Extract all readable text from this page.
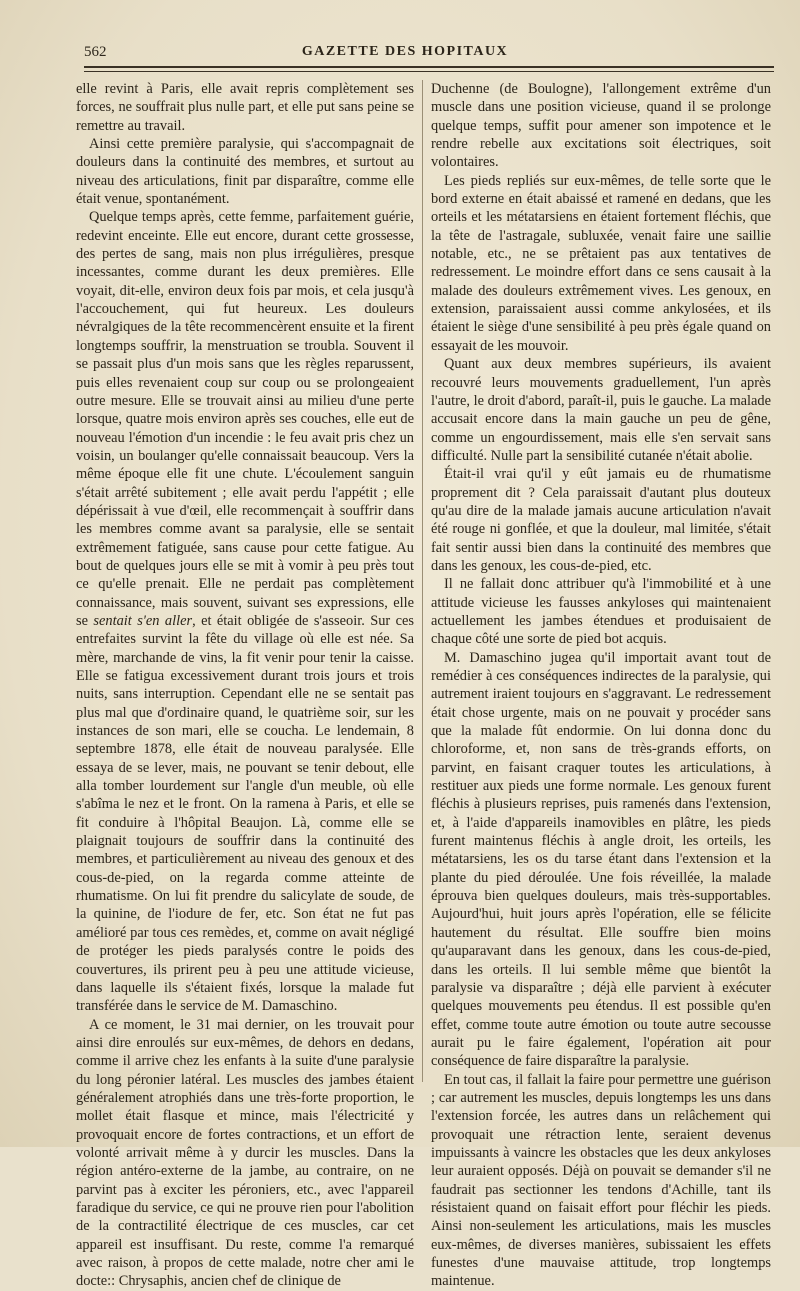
562	GAZETTE DES HOPITAUX

elle revint à Paris, elle avait repris complètement ses forces, ne souffrait plus nulle part, et elle put sans peine se remettre au travail.

Ainsi cette première paralysie, qui s'accompagnait de douleurs dans la continuité des membres, et surtout au niveau des articulations, finit par disparaître, comme elle était venue, spontanément.

Quelque temps après, cette femme, parfaitement guérie, redevint enceinte. Elle eut encore, durant cette grossesse, des pertes de sang, mais non plus irrégulières, presque incessantes, comme durant les deux premières. Elle voyait, dit-elle, environ deux fois par mois, et cela jusqu'à l'accouchement, qui fut heureux. Les douleurs névralgiques de la tête recommencèrent ensuite et la firent longtemps souffrir, la menstruation se troubla. Souvent il se passait plus d'un mois sans que les règles reparussent, puis elles revenaient coup sur coup ou se prolongeaient outre mesure. Elle se trouvait ainsi au milieu d'une perte lorsque, quatre mois environ après ses couches, elle eut de nouveau l'émotion d'un incendie : le feu avait pris chez un voisin, un boulanger qu'elle connaissait beaucoup. Vers la même époque elle fit une chute. L'écoulement sanguin s'était arrêté subitement ; elle avait perdu l'appétit ; elle dépérissait à vue d'œil, elle recommençait à souffrir dans les membres comme avant sa paralysie, elle se sentait extrêmement fatiguée, sans cause pour cette fatigue. Au bout de quelques jours elle se mit à vomir à peu près tout ce qu'elle prenait. Elle ne perdait pas complètement connaissance, mais souvent, suivant ses expressions, elle se sentait s'en aller, et était obligée de s'asseoir. Sur ces entrefaites survint la fête du village où elle est née. Sa mère, marchande de vins, la fit venir pour tenir la caisse. Elle se fatigua excessivement durant trois jours et trois nuits, sans interruption. Cependant elle ne se sentait pas plus mal que d'ordinaire quand, le quatrième soir, sur les instances de son mari, elle se coucha. Le lendemain, 8 septembre 1878, elle était de nouveau paralysée. Elle essaya de se lever, mais, ne pouvant se tenir debout, elle alla tomber lourdement sur l'angle d'un meuble, où elle s'abîma le nez et le front. On la ramena à Paris, et elle se fit conduire à l'hôpital Beaujon. Là, comme elle se plaignait toujours de souffrir dans la continuité des membres, et particulièrement au niveau des genoux et des cous-de-pied, on la regarda comme atteinte de rhumatisme. On lui fit prendre du salicylate de soude, de la quinine, de l'iodure de fer, etc. Son état ne fut pas amélioré par tous ces remèdes, et, comme on avait négligé de protéger les pieds paralysés contre le poids des couvertures, ils prirent peu à peu une attitude vicieuse, dans laquelle ils s'étaient fixés, lorsque la malade fut transférée dans le service de M. Damaschino.

A ce moment, le 31 mai dernier, on les trouvait pour ainsi dire enroulés sur eux-mêmes, de dehors en dedans, comme il arrive chez les enfants à la suite d'une paralysie du long péronier latéral. Les muscles des jambes étaient généralement atrophiés dans une très-forte proportion, le mollet était flasque et mince, mais l'électricité y provoquait encore de fortes contractions, et un effort de volonté arrivait même à y durcir les muscles. Dans la région antéro-externe de la jambe, au contraire, on ne parvint pas à exciter les péroniers, etc., avec l'appareil faradique du service, ce qui ne prouve rien pour l'abolition de la contractilité électrique de ces muscles, car cet appareil est insuffisant. Du reste, comme l'a remarqué avec raison, à propos de cette malade, notre cher ami le docte:: Chrysaphis, ancien chef de clinique de

Duchenne (de Boulogne), l'allongement extrême d'un muscle dans une position vicieuse, quand il se prolonge quelque temps, suffit pour amener son impotence et le rendre rebelle aux excitations soit électriques, soit volontaires.

Les pieds repliés sur eux-mêmes, de telle sorte que le bord externe en était abaissé et ramené en dedans, que les orteils et les métatarsiens en étaient fortement fléchis, que la tête de l'astragale, subluxée, venait faire une saillie notable, etc., ne se prêtaient pas aux tentatives de redressement. Le moindre effort dans ce sens causait à la malade des douleurs extrêmement vives. Les genoux, en extension, paraissaient aussi comme ankylosées, et ils étaient le siège d'une sensibilité à peu près égale quand on essayait de les mouvoir.

Quant aux deux membres supérieurs, ils avaient recouvré leurs mouvements graduellement, l'un après l'autre, le droit d'abord, paraît-il, puis le gauche. La malade accusait encore dans la main gauche un peu de gêne, comme un engourdissement, mais elle s'en servait sans difficulté. Nulle part la sensibilité cutanée n'était abolie.

Était-il vrai qu'il y eût jamais eu de rhumatisme proprement dit ? Cela paraissait d'autant plus douteux qu'au dire de la malade jamais aucune articulation n'avait été rouge ni gonflée, et que la douleur, mal limitée, s'était fait sentir aussi bien dans la continuité des membres que dans les genoux, les cous-de-pied, etc.

Il ne fallait donc attribuer qu'à l'immobilité et à une attitude vicieuse les fausses ankyloses qui maintenaient actuellement les jambes étendues et produisaient de chaque côté une sorte de pied bot acquis.

M. Damaschino jugea qu'il importait avant tout de remédier à ces conséquences indirectes de la paralysie, qui autrement iraient toujours en s'aggravant. Le redressement était chose urgente, mais on ne pouvait y procéder sans que la malade fût endormie. On lui donna donc du chloroforme, et, non sans de très-grands efforts, on parvint, en faisant craquer toutes les articulations, à restituer aux pieds une forme normale. Les genoux furent fléchis à plusieurs reprises, puis ramenés dans l'extension, et, à l'aide d'appareils inamovibles en plâtre, les pieds furent maintenus fléchis à angle droit, les orteils, les métatarsiens, les os du tarse étant dans l'extension et la plante du pied déroulée. Une fois réveillée, la malade éprouva bien quelques douleurs, mais très-supportables. Aujourd'hui, huit jours après l'opération, elle se félicite hautement du résultat. Elle souffre bien moins qu'auparavant dans les genoux, dans les cous-de-pied, dans les orteils. Il lui semble même que bientôt la paralysie va disparaître ; déjà elle parvient à exécuter quelques mouvements peu étendus. Il est possible qu'en effet, comme toute autre émotion ou toute autre secousse aurait pu le faire également, l'opération ait pour conséquence de faire disparaître la paralysie.

En tout cas, il fallait la faire pour permettre une guérison ; car autrement les muscles, depuis longtemps les uns dans l'extension forcée, les autres dans un relâchement qui provoquait une rétraction lente, seraient devenus impuissants à vaincre les obstacles que les deux ankyloses leur auraient opposés. Déjà on pouvait se demander s'il ne faudrait pas sectionner les tendons d'Achille, tant ils résistaient quand on faisait effort pour fléchir les pieds. Ainsi non-seulement les articulations, mais les muscles eux-mêmes, de diverses manières, subissaient les effets funestes d'une mauvaise attitude, trop longtemps maintenue.
